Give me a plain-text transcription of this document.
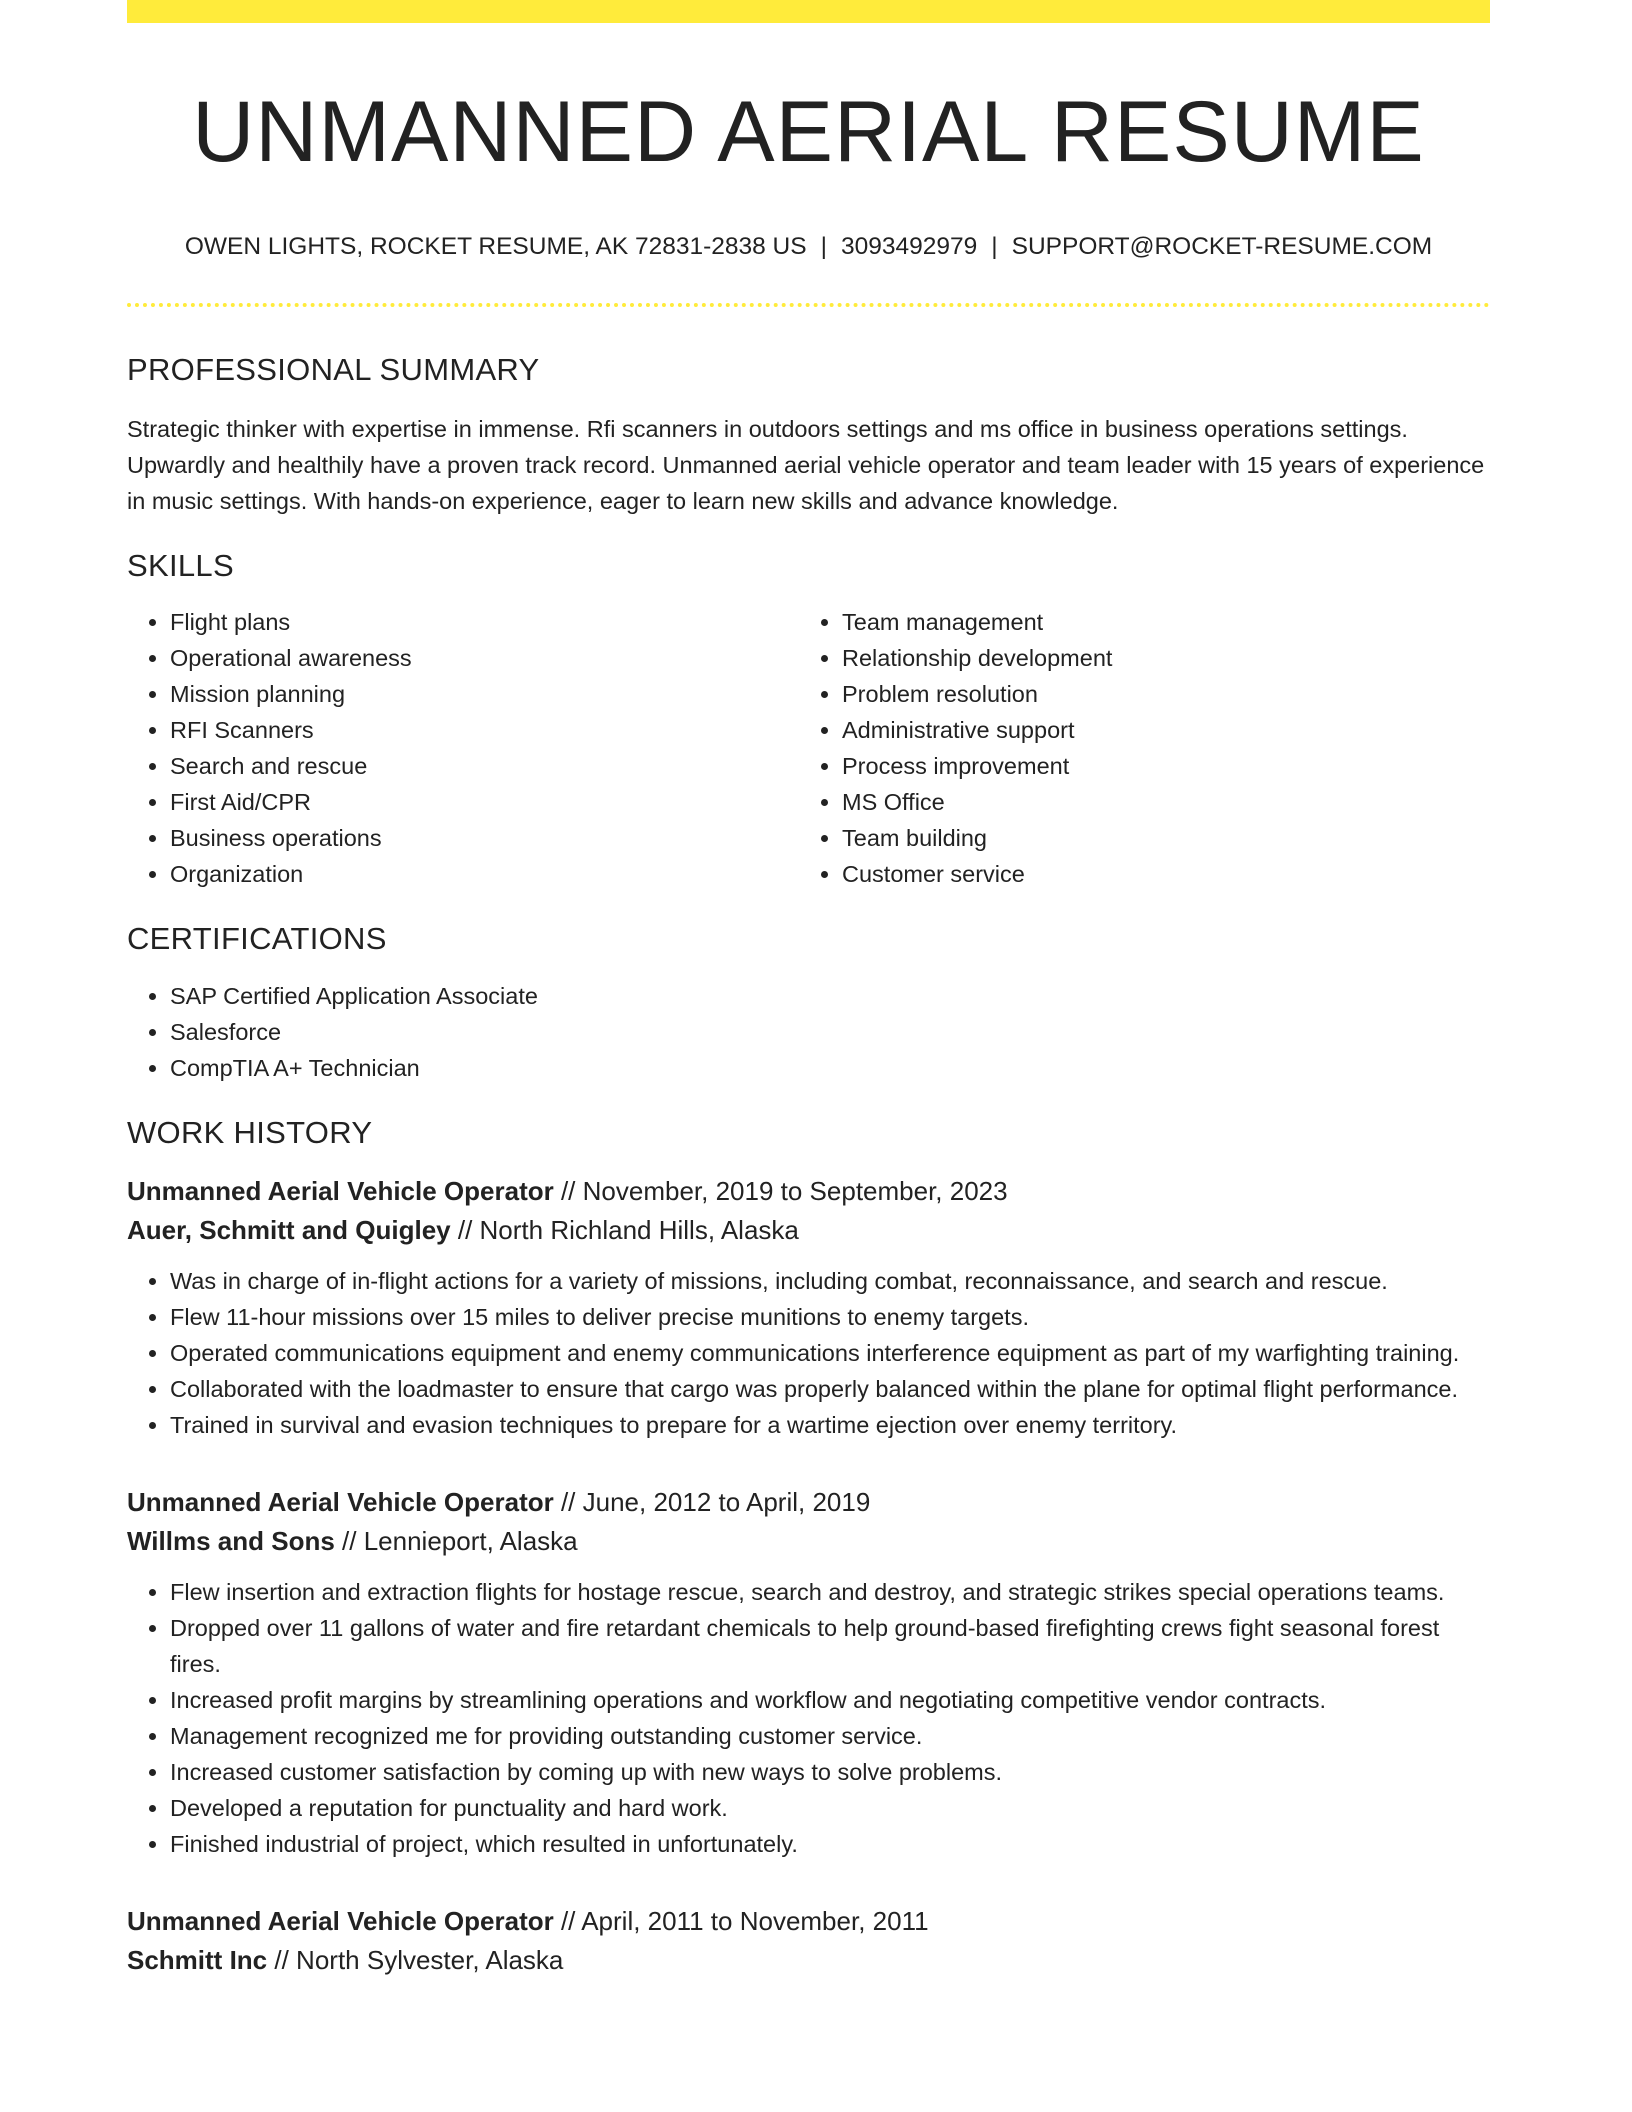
UNMANNED AERIAL RESUME
OWEN LIGHTS, ROCKET RESUME, AK 72831-2838 US | 3093492979 | SUPPORT@ROCKET-RESUME.COM
PROFESSIONAL SUMMARY

Strategic thinker with expertise in immense. Rfi scanners in outdoors settings and ms office in business operations settings. Upwardly and healthily have a proven track record. Unmanned aerial vehicle operator and team leader with 15 years of experience in music settings. With hands-on experience, eager to learn new skills and advance knowledge.

SKILLS
• Flight plans
• Operational awareness
• Mission planning
• RFI Scanners
• Search and rescue
• First Aid/CPR
• Business operations
• Organization
• Team management
• Relationship development
• Problem resolution
• Administrative support
• Process improvement
• MS Office
• Team building
• Customer service
CERTIFICATIONS
• SAP Certified Application Associate
• Salesforce
• CompTIA A+ Technician
WORK HISTORY
Unmanned Aerial Vehicle Operator // November, 2019 to September, 2023
Auer, Schmitt and Quigley // North Richland Hills, Alaska
• Was in charge of in-flight actions for a variety of missions, including combat, reconnaissance, and search and rescue.
• Flew 11-hour missions over 15 miles to deliver precise munitions to enemy targets.
• Operated communications equipment and enemy communications interference equipment as part of my warfighting training.
• Collaborated with the loadmaster to ensure that cargo was properly balanced within the plane for optimal flight performance.
• Trained in survival and evasion techniques to prepare for a wartime ejection over enemy territory.
Unmanned Aerial Vehicle Operator // June, 2012 to April, 2019
Willms and Sons // Lennieport, Alaska
• Flew insertion and extraction flights for hostage rescue, search and destroy, and strategic strikes special operations teams.
• Dropped over 11 gallons of water and fire retardant chemicals to help ground-based firefighting crews fight seasonal forest fires.
• Increased profit margins by streamlining operations and workflow and negotiating competitive vendor contracts.
• Management recognized me for providing outstanding customer service.
• Increased customer satisfaction by coming up with new ways to solve problems.
• Developed a reputation for punctuality and hard work.
• Finished industrial of project, which resulted in unfortunately.
Unmanned Aerial Vehicle Operator // April, 2011 to November, 2011
Schmitt Inc // North Sylvester, Alaska
